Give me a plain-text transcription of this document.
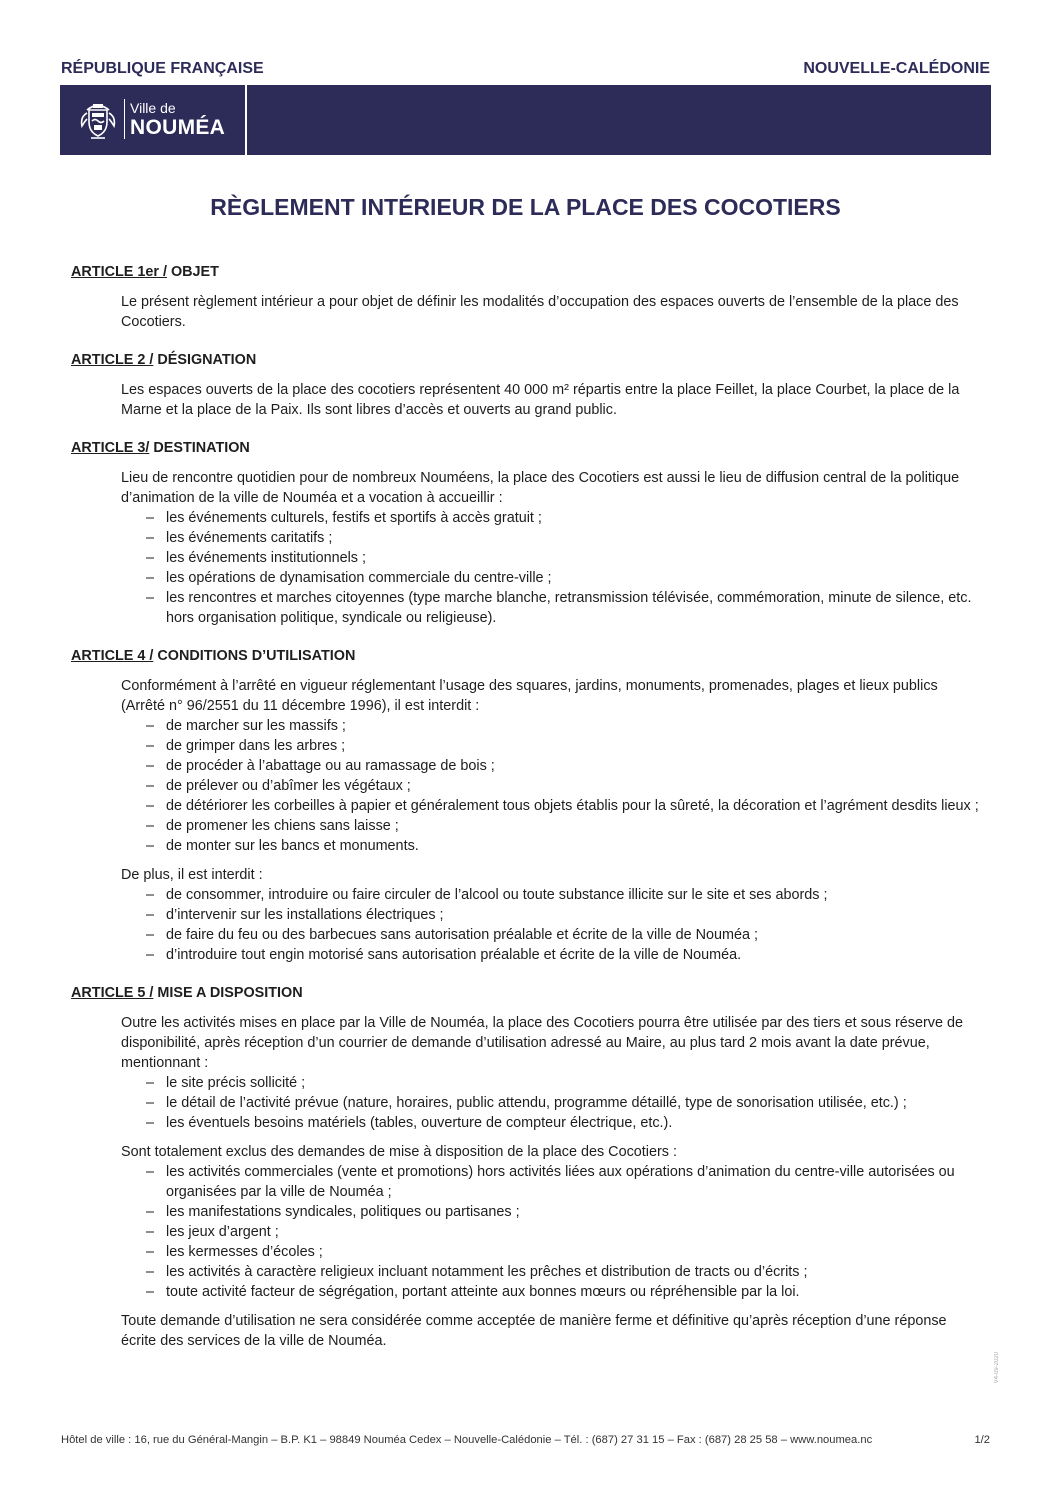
RÉPUBLIQUE FRANÇAISE	NOUVELLE-CALÉDONIE
Ville de
NOUMÉA
RÈGLEMENT INTÉRIEUR DE LA PLACE DES COCOTIERS

ARTICLE 1er / OBJET

Le présent règlement intérieur a pour objet de définir les modalités d’occupation des espaces ouverts de l’ensemble de la place des Cocotiers.

ARTICLE 2 / DÉSIGNATION

Les espaces ouverts de la place des cocotiers représentent 40 000 m² répartis entre la place Feillet, la place Courbet, la place de la Marne et la place de la Paix. Ils sont libres d’accès et ouverts au grand public.

ARTICLE 3/ DESTINATION

Lieu de rencontre quotidien pour de nombreux Nouméens, la place des Cocotiers est aussi le lieu de diffusion central de la politique d’animation de la ville de Nouméa et a vocation à accueillir :

– les événements culturels, festifs et sportifs à accès gratuit ;
– les événements caritatifs ;
– les événements institutionnels ;
– les opérations de dynamisation commerciale du centre-ville ;
– les rencontres et marches citoyennes (type marche blanche, retransmission télévisée, commémoration, minute de silence, etc. hors organisation politique, syndicale ou religieuse).

ARTICLE 4 / CONDITIONS D’UTILISATION

Conformément à l’arrêté en vigueur réglementant l’usage des squares, jardins, monuments, promenades, plages et lieux publics (Arrêté n° 96/2551 du 11 décembre 1996), il est interdit :

– de marcher sur les massifs ;
– de grimper dans les arbres ;
– de procéder à l’abattage ou au ramassage de bois ;
– de prélever ou d’abîmer les végétaux ;
– de détériorer les corbeilles à papier et généralement tous objets établis pour la sûreté, la décoration et l’agrément desdits lieux ;
– de promener les chiens sans laisse ;
– de monter sur les bancs et monuments.

De plus, il est interdit :

– de consommer, introduire ou faire circuler de l’alcool ou toute substance illicite sur le site et ses abords ;
– d’intervenir sur les installations électriques ;
– de faire du feu ou des barbecues sans autorisation préalable et écrite de la ville de Nouméa ;
– d’introduire tout engin motorisé sans autorisation préalable et écrite de la ville de Nouméa.

ARTICLE 5 / MISE A DISPOSITION

Outre les activités mises en place par la Ville de Nouméa, la place des Cocotiers pourra être utilisée par des tiers et sous réserve de disponibilité, après réception d’un courrier de demande d’utilisation adressé au Maire, au plus tard 2 mois avant la date prévue, mentionnant :

– le site précis sollicité ;
– le détail de l’activité prévue (nature, horaires, public attendu, programme détaillé, type de sonorisation utilisée, etc.) ;
– les éventuels besoins matériels (tables, ouverture de compteur électrique, etc.).

Sont totalement exclus des demandes de mise à disposition de la place des Cocotiers :

– les activités commerciales (vente et promotions) hors activités liées aux opérations d’animation du centre-ville autorisées ou organisées par la ville de Nouméa ;
– les manifestations syndicales, politiques ou partisanes ;
– les jeux d’argent ;
– les kermesses d’écoles ;
– les activités à caractère religieux incluant notamment les prêches et distribution de tracts ou d’écrits ;
– toute activité facteur de ségrégation, portant atteinte aux bonnes mœurs ou répréhensible par la loi.

Toute demande d’utilisation ne sera considérée comme acceptée de manière ferme et définitive qu’après réception d’une réponse écrite des services de la ville de Nouméa.

V4-09-2020
Hôtel de ville : 16, rue du Général-Mangin – B.P. K1 – 98849 Nouméa Cedex – Nouvelle-Calédonie – Tél. : (687) 27 31 15 – Fax : (687) 28 25 58 – www.noumea.nc	1/2
